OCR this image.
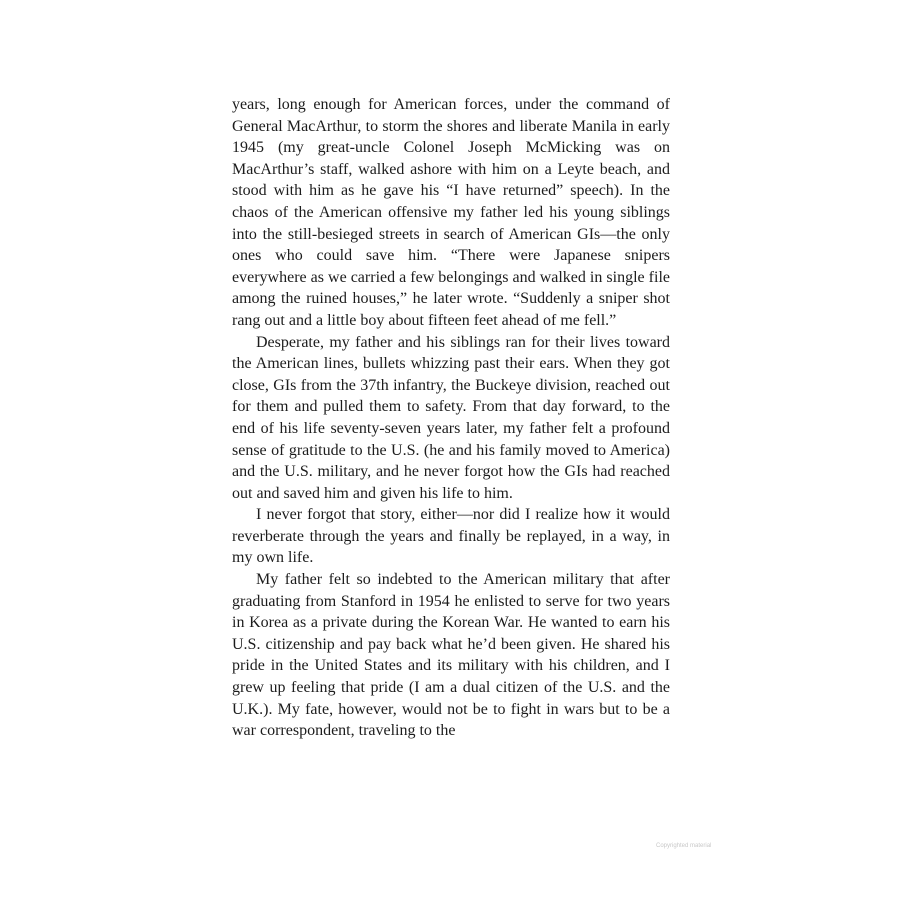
years, long enough for American forces, under the command of General MacArthur, to storm the shores and liberate Manila in early 1945 (my great-uncle Colonel Joseph McMicking was on MacArthur’s staff, walked ashore with him on a Leyte beach, and stood with him as he gave his “I have returned” speech). In the chaos of the American offensive my father led his young siblings into the still-besieged streets in search of American GIs—the only ones who could save him. “There were Japanese snipers everywhere as we carried a few belongings and walked in single file among the ruined houses,” he later wrote. “Suddenly a sniper shot rang out and a little boy about fifteen feet ahead of me fell.”

Desperate, my father and his siblings ran for their lives toward the American lines, bullets whizzing past their ears. When they got close, GIs from the 37th infantry, the Buckeye division, reached out for them and pulled them to safety. From that day forward, to the end of his life seventy-seven years later, my father felt a profound sense of gratitude to the U.S. (he and his family moved to America) and the U.S. military, and he never forgot how the GIs had reached out and saved him and given his life to him.

I never forgot that story, either—nor did I realize how it would reverberate through the years and finally be replayed, in a way, in my own life.

My father felt so indebted to the American military that after graduating from Stanford in 1954 he enlisted to serve for two years in Korea as a private during the Korean War. He wanted to earn his U.S. citizenship and pay back what he’d been given. He shared his pride in the United States and its military with his children, and I grew up feeling that pride (I am a dual citizen of the U.S. and the U.K.). My fate, however, would not be to fight in wars but to be a war correspondent, traveling to the

Copyrighted material
